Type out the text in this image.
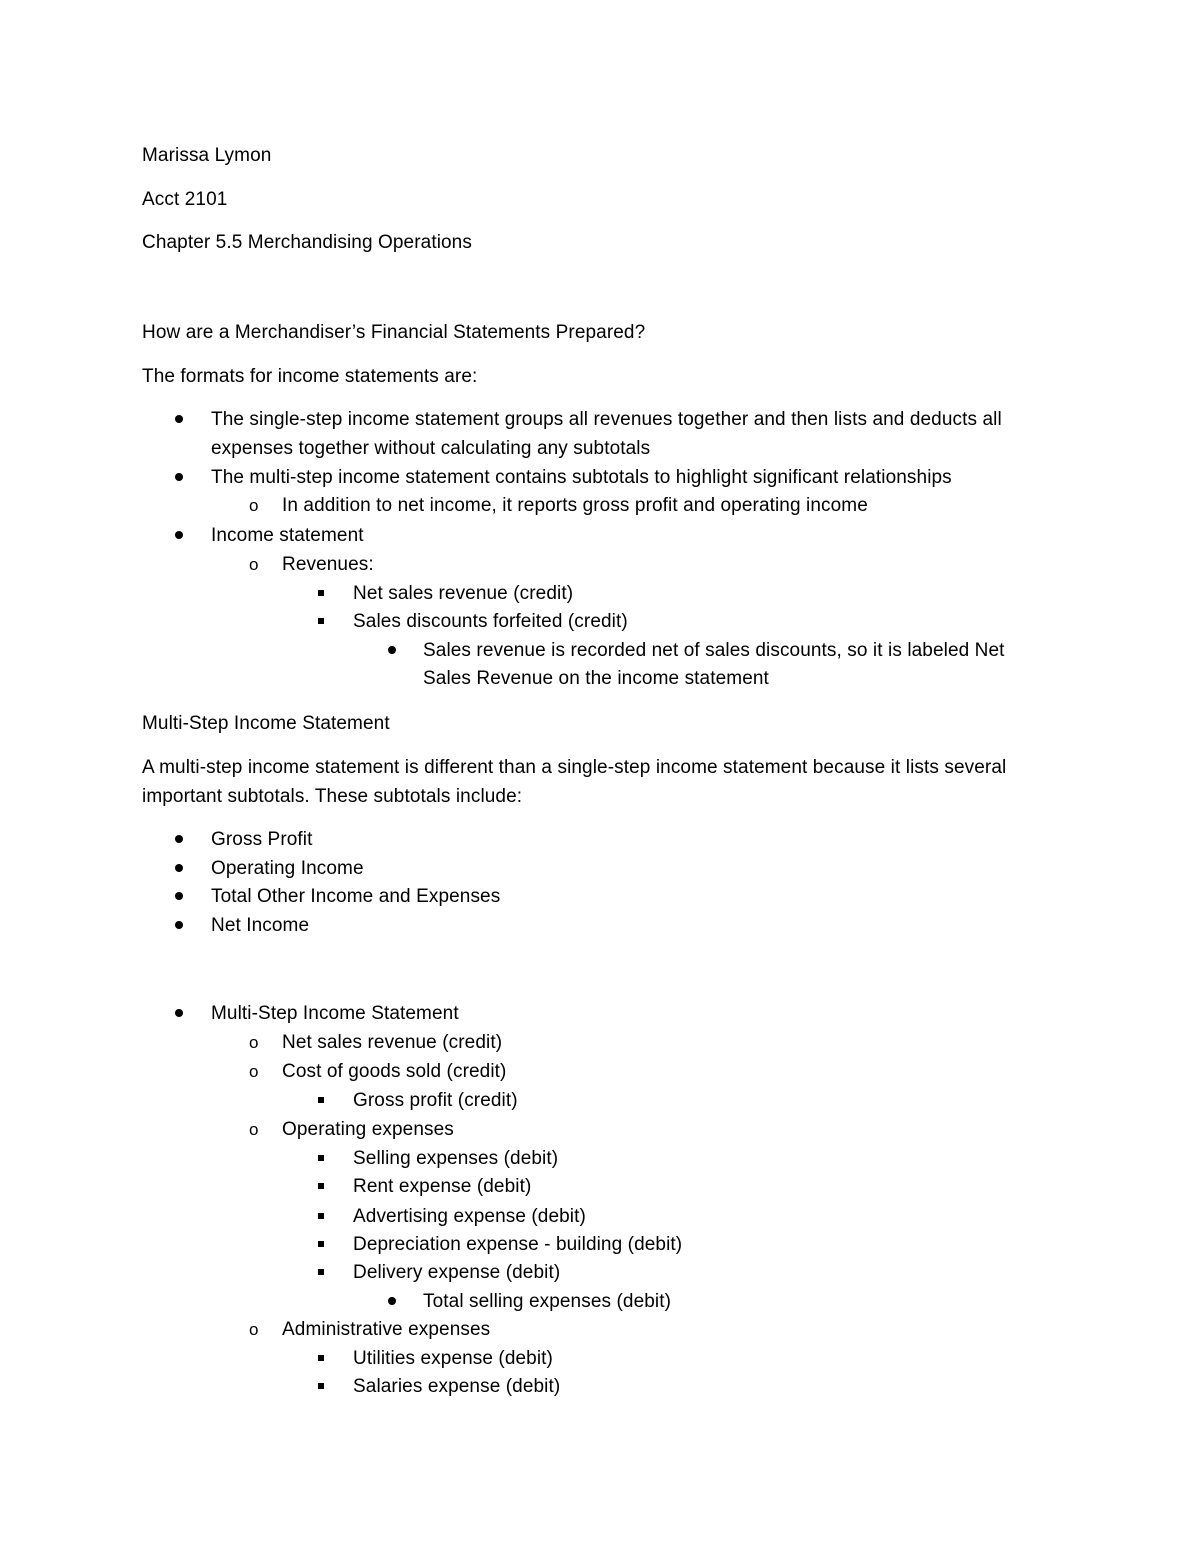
Marissa Lymon
Acct 2101
Chapter 5.5 Merchandising Operations
How are a Merchandiser’s Financial Statements Prepared?
The formats for income statements are:
The single-step income statement groups all revenues together and then lists and deducts all
expenses together without calculating any subtotals
The multi-step income statement contains subtotals to highlight significant relationships
o In addition to net income, it reports gross profit and operating income
Income statement
o Revenues:
Net sales revenue (credit)
Sales discounts forfeited (credit)
Sales revenue is recorded net of sales discounts, so it is labeled Net
Sales Revenue on the income statement
Multi-Step Income Statement
A multi-step income statement is different than a single-step income statement because it lists several
important subtotals. These subtotals include:
Gross Profit
Operating Income
Total Other Income and Expenses
Net Income
Multi-Step Income Statement
o Net sales revenue (credit)
o Cost of goods sold (credit)
Gross profit (credit)
o Operating expenses
Selling expenses (debit)
Rent expense (debit)
Advertising expense (debit)
Depreciation expense - building (debit)
Delivery expense (debit)
Total selling expenses (debit)
o Administrative expenses
Utilities expense (debit)
Salaries expense (debit)
